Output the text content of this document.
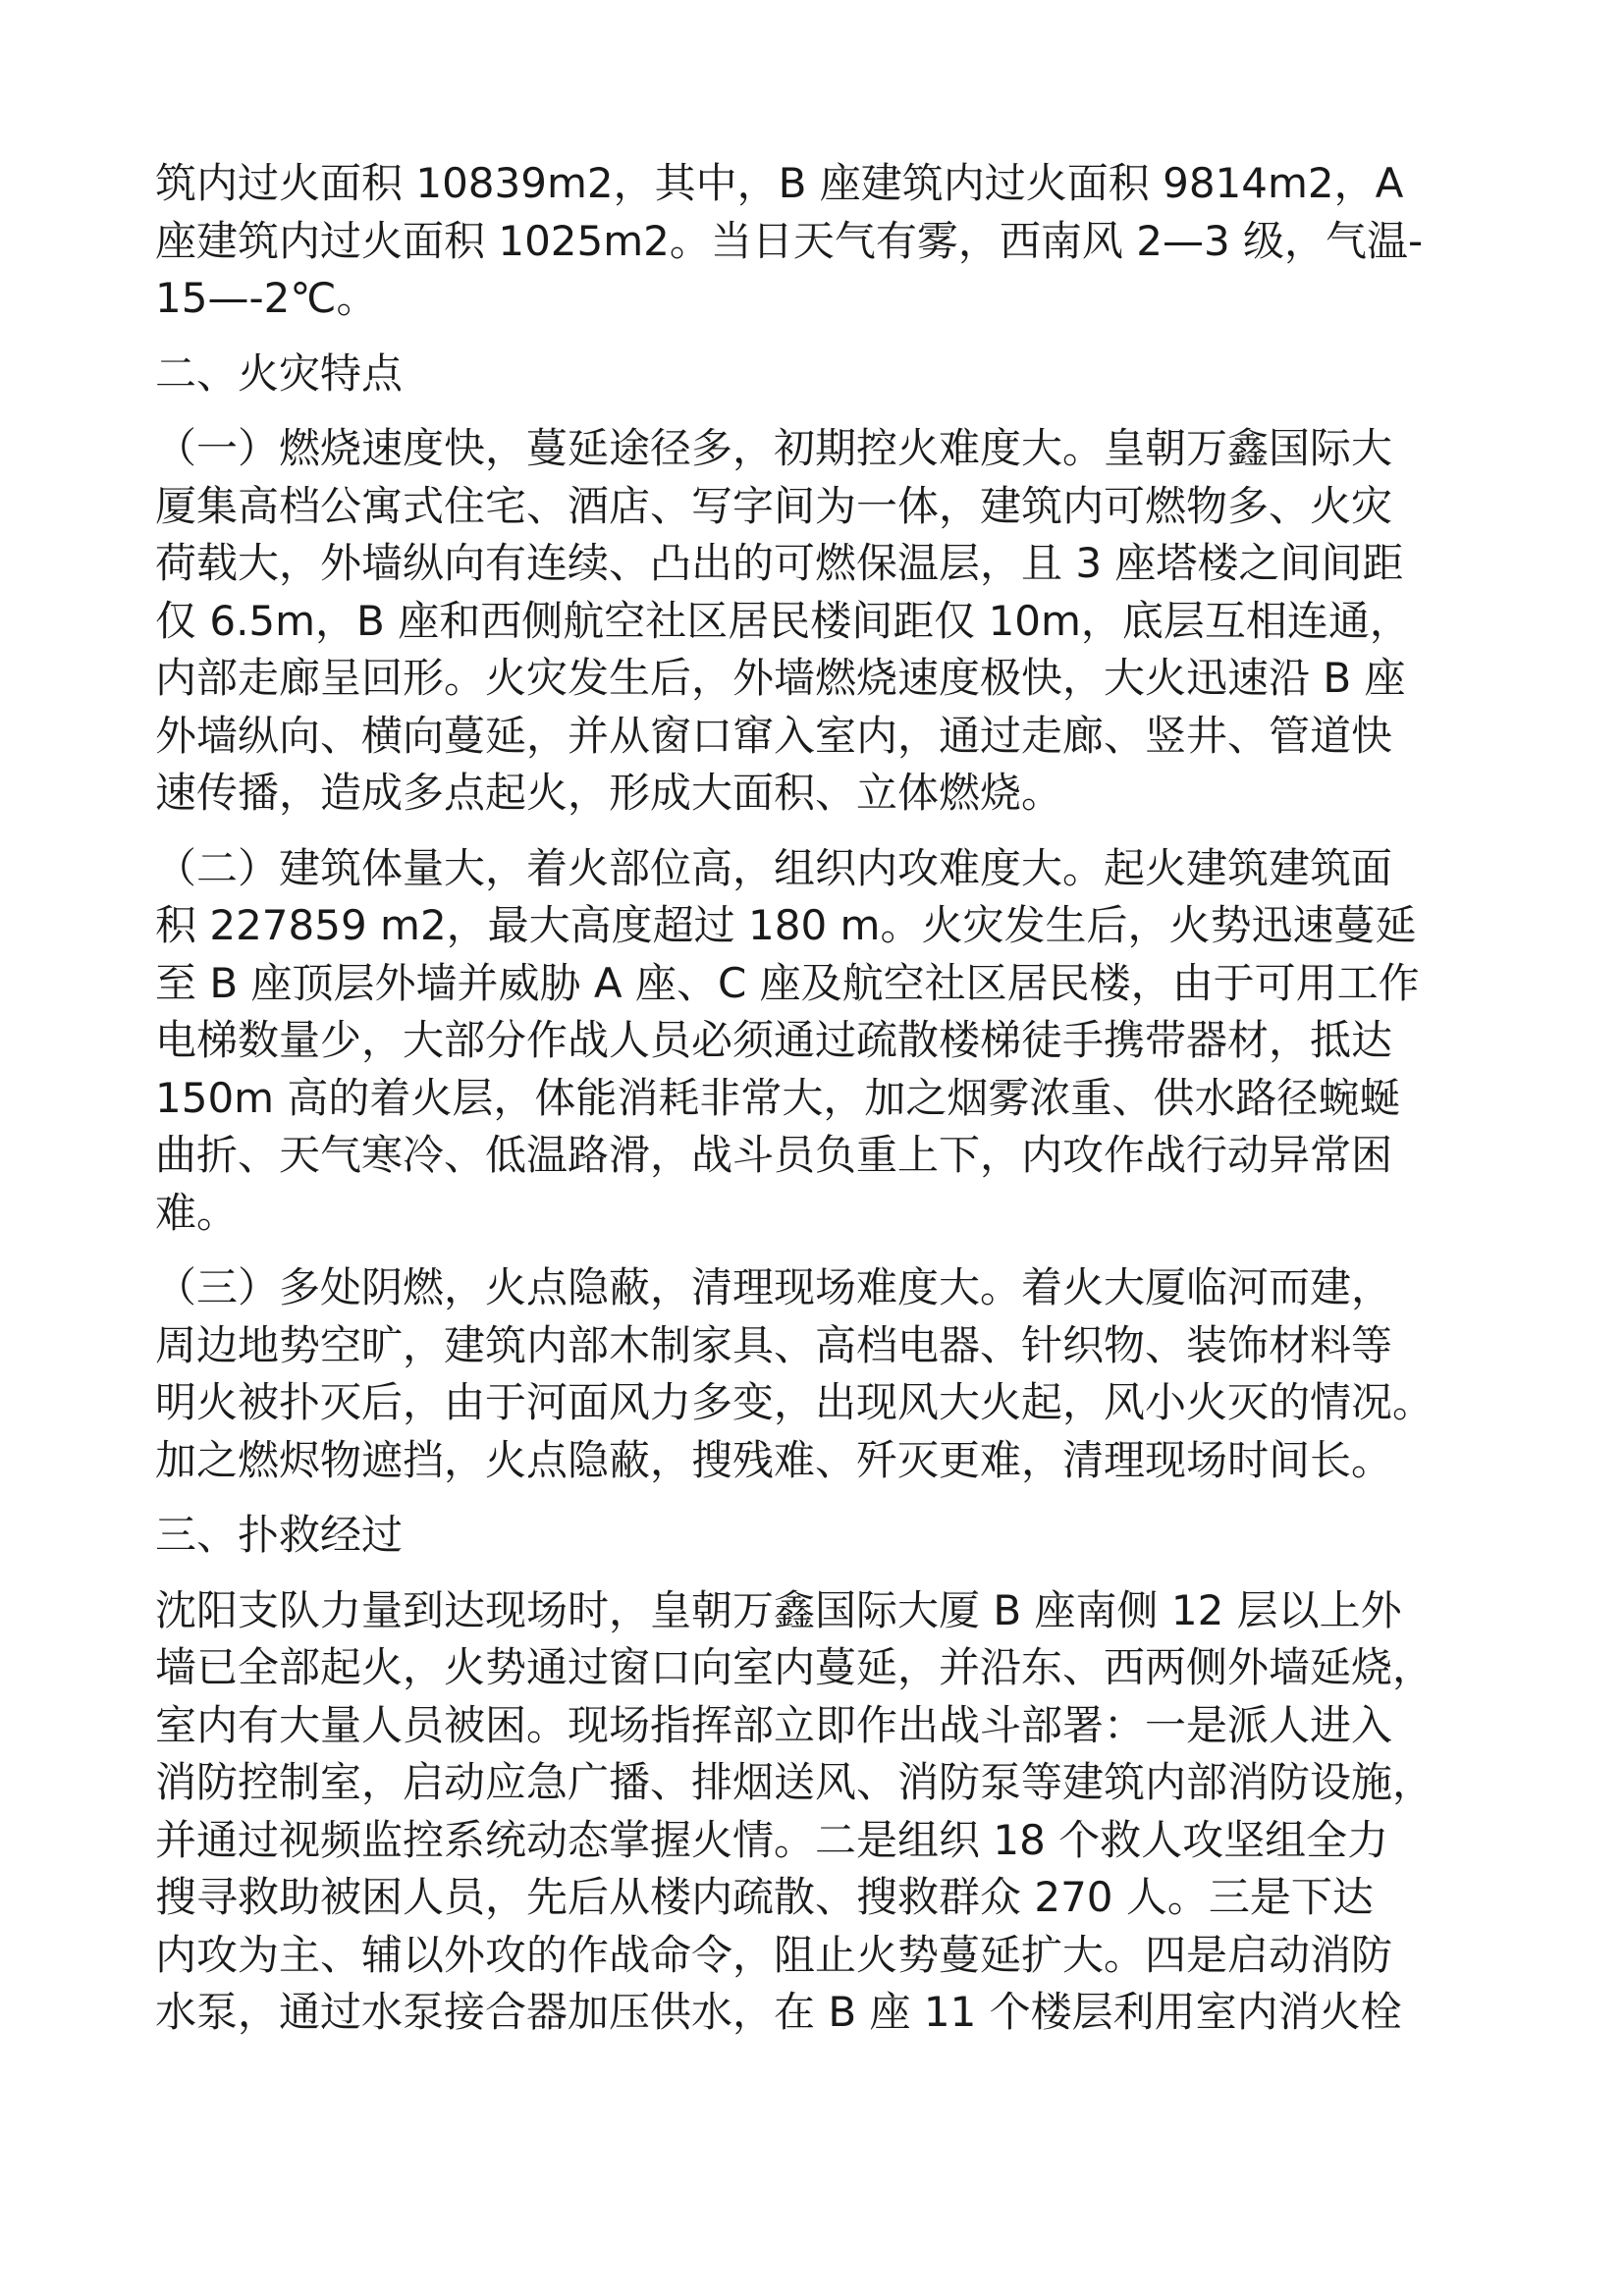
筑内过火面积 10839m2，其中，B 座建筑内过火面积 9814m2，A
座建筑内过火面积 1025m2。当日天气有雾，西南风 2—3 级，气温-
15—-2℃。
二、火灾特点
（一）燃烧速度快，蔓延途径多，初期控火难度大。皇朝万鑫国际大
厦集高档公寓式住宅、酒店、写字间为一体，建筑内可燃物多、火灾
荷载大，外墙纵向有连续、凸出的可燃保温层，且 3 座塔楼之间间距
仅 6.5m，B 座和西侧航空社区居民楼间距仅 10m，底层互相连通，
内部走廊呈回形。火灾发生后，外墙燃烧速度极快，大火迅速沿 B 座
外墙纵向、横向蔓延，并从窗口窜入室内，通过走廊、竖井、管道快
速传播，造成多点起火，形成大面积、立体燃烧。
（二）建筑体量大，着火部位高，组织内攻难度大。起火建筑建筑面
积 227859 m2，最大高度超过 180 m。火灾发生后，火势迅速蔓延
至 B 座顶层外墙并威胁 A 座、C 座及航空社区居民楼，由于可用工作
电梯数量少，大部分作战人员必须通过疏散楼梯徒手携带器材，抵达
150m 高的着火层，体能消耗非常大，加之烟雾浓重、供水路径蜿蜒
曲折、天气寒冷、低温路滑，战斗员负重上下，内攻作战行动异常困
难。
（三）多处阴燃，火点隐蔽，清理现场难度大。着火大厦临河而建，
周边地势空旷，建筑内部木制家具、高档电器、针织物、装饰材料等
明火被扑灭后，由于河面风力多变，出现风大火起，风小火灭的情况。
加之燃烬物遮挡，火点隐蔽，搜残难、歼灭更难，清理现场时间长。
三、扑救经过
沈阳支队力量到达现场时，皇朝万鑫国际大厦 B 座南侧 12 层以上外
墙已全部起火，火势通过窗口向室内蔓延，并沿东、西两侧外墙延烧，
室内有大量人员被困。现场指挥部立即作出战斗部署：一是派人进入
消防控制室，启动应急广播、排烟送风、消防泵等建筑内部消防设施，
并通过视频监控系统动态掌握火情。二是组织 18 个救人攻坚组全力
搜寻救助被困人员，先后从楼内疏散、搜救群众 270 人。三是下达
内攻为主、辅以外攻的作战命令，阻止火势蔓延扩大。四是启动消防
水泵，通过水泵接合器加压供水，在 B 座 11 个楼层利用室内消火栓
